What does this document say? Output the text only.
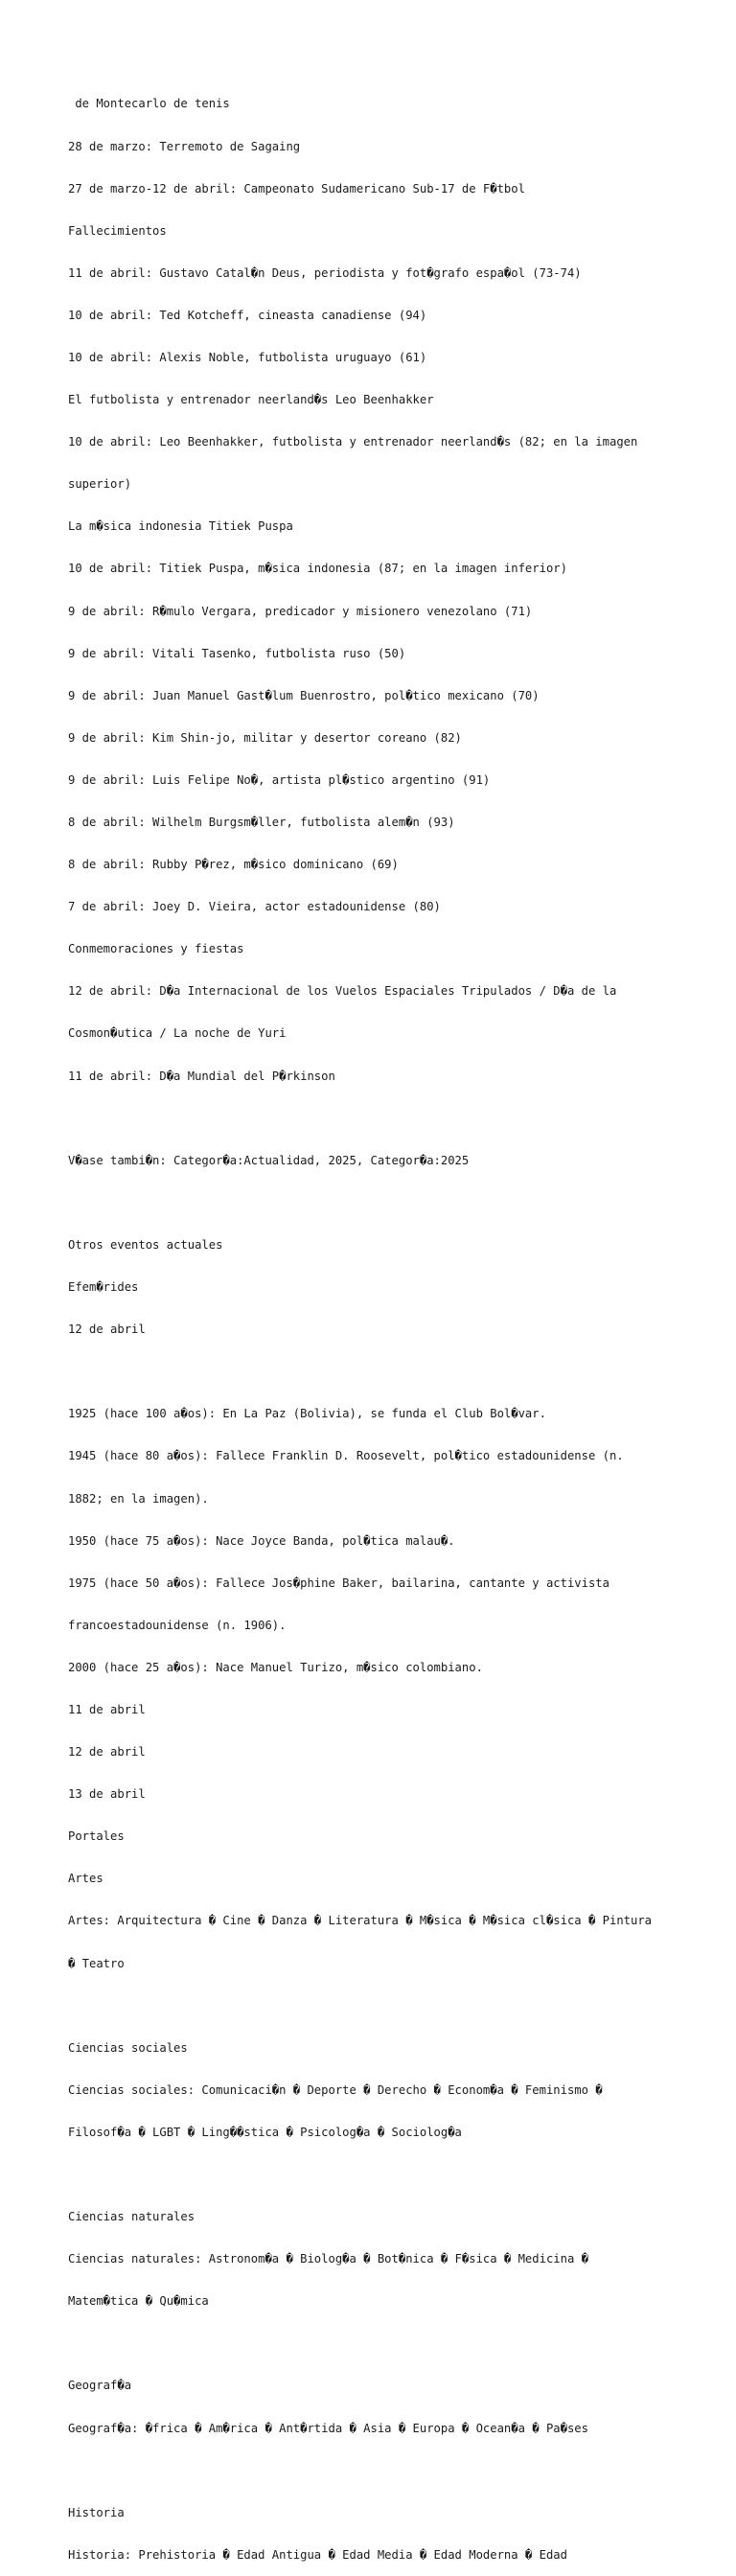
de Montecarlo de tenis

28 de marzo: Terremoto de Sagaing

27 de marzo-12 de abril: Campeonato Sudamericano Sub-17 de F�tbol

Fallecimientos

11 de abril: Gustavo Catal�n Deus, periodista y fot�grafo espa�ol (73-74)

10 de abril: Ted Kotcheff, cineasta canadiense (94)

10 de abril: Alexis Noble, futbolista uruguayo (61)

El futbolista y entrenador neerland�s Leo Beenhakker

10 de abril: Leo Beenhakker, futbolista y entrenador neerland�s (82; en la imagen

superior)

La m�sica indonesia Titiek Puspa

10 de abril: Titiek Puspa, m�sica indonesia (87; en la imagen inferior)

9 de abril: R�mulo Vergara, predicador y misionero venezolano (71)

9 de abril: Vitali Tasenko, futbolista ruso (50)

9 de abril: Juan Manuel Gast�lum Buenrostro, pol�tico mexicano (70)

9 de abril: Kim Shin-jo, militar y desertor coreano (82)

9 de abril: Luis Felipe No�, artista pl�stico argentino (91)

8 de abril: Wilhelm Burgsm�ller, futbolista alem�n (93)

8 de abril: Rubby P�rez, m�sico dominicano (69)

7 de abril: Joey D. Vieira, actor estadounidense (80)

Conmemoraciones y fiestas

12 de abril: D�a Internacional de los Vuelos Espaciales Tripulados / D�a de la

Cosmon�utica / La noche de Yuri

11 de abril: D�a Mundial del P�rkinson

V�ase tambi�n: Categor�a:Actualidad, 2025, Categor�a:2025

Otros eventos actuales

Efem�rides

12 de abril

1925 (hace 100 a�os): En La Paz (Bolivia), se funda el Club Bol�var.

1945 (hace 80 a�os): Fallece Franklin D. Roosevelt, pol�tico estadounidense (n.

1882; en la imagen).

1950 (hace 75 a�os): Nace Joyce Banda, pol�tica malau�.

1975 (hace 50 a�os): Fallece Jos�phine Baker, bailarina, cantante y activista

francoestadounidense (n. 1906).

2000 (hace 25 a�os): Nace Manuel Turizo, m�sico colombiano.

11 de abril

12 de abril

13 de abril

Portales

Artes

Artes: Arquitectura � Cine � Danza � Literatura � M�sica � M�sica cl�sica � Pintura

� Teatro

Ciencias sociales

Ciencias sociales: Comunicaci�n � Deporte � Derecho � Econom�a � Feminismo �

Filosof�a � LGBT � Ling��stica � Psicolog�a � Sociolog�a

Ciencias naturales

Ciencias naturales: Astronom�a � Biolog�a � Bot�nica � F�sica � Medicina �

Matem�tica � Qu�mica

Geograf�a

Geograf�a: �frica � Am�rica � Ant�rtida � Asia � Europa � Ocean�a � Pa�ses

Historia

Historia: Prehistoria � Edad Antigua � Edad Media � Edad Moderna � Edad
